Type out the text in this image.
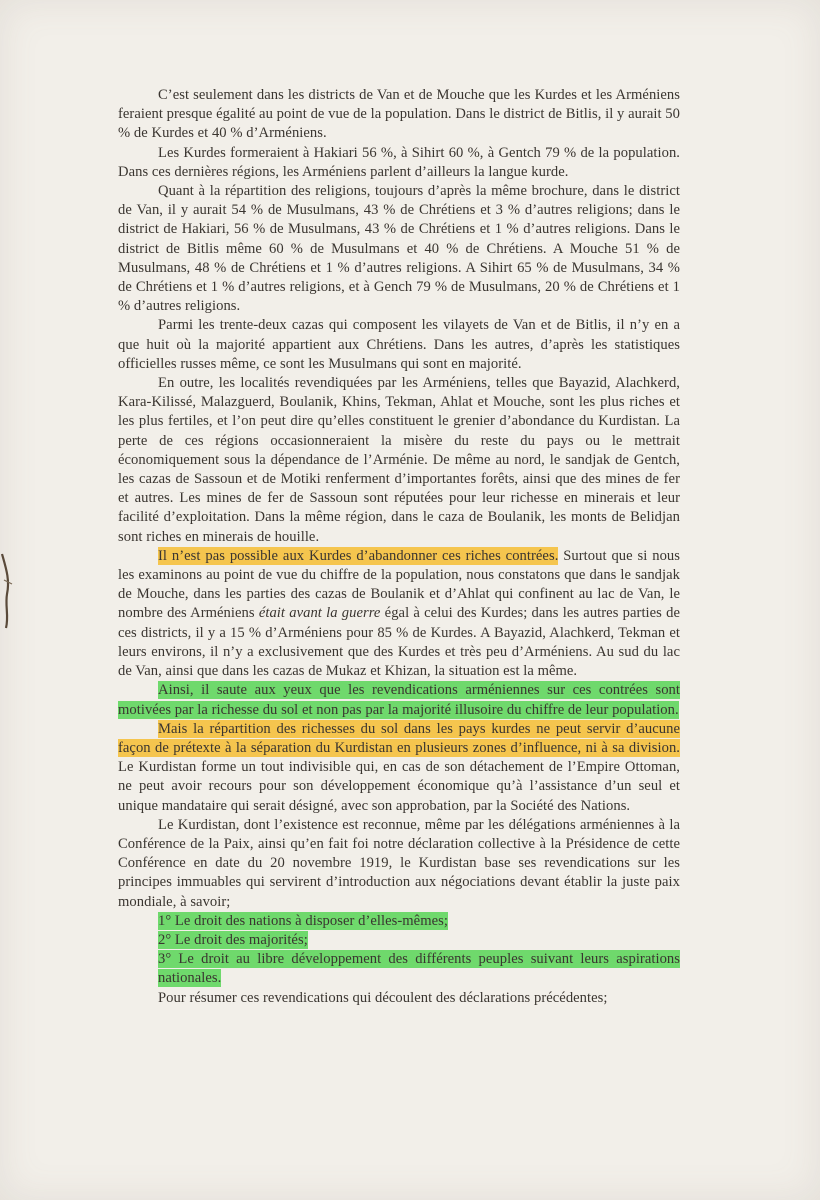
C’est seulement dans les districts de Van et de Mouche que les Kurdes et les Arméniens feraient presque égalité au point de vue de la population. Dans le district de Bitlis, il y aurait 50 % de Kurdes et 40 % d’Arméniens.

Les Kurdes formeraient à Hakiari 56 %, à Sihirt 60 %, à Gentch 79 % de la population. Dans ces dernières régions, les Arméniens parlent d’ailleurs la langue kurde.

Quant à la répartition des religions, toujours d’après la même brochure, dans le district de Van, il y aurait 54 % de Musulmans, 43 % de Chrétiens et 3 % d’autres religions; dans le district de Hakiari, 56 % de Musulmans, 43 % de Chrétiens et 1 % d’autres religions. Dans le district de Bitlis même 60 % de Musulmans et 40 % de Chrétiens. A Mouche 51 % de Musulmans, 48 % de Chrétiens et 1 % d’autres religions. A Sihirt 65 % de Musulmans, 34 % de Chrétiens et 1 % d’autres religions, et à Gench 79 % de Musulmans, 20 % de Chrétiens et 1 % d’autres religions.

Parmi les trente-deux cazas qui composent les vilayets de Van et de Bitlis, il n’y en a que huit où la majorité appartient aux Chrétiens. Dans les autres, d’après les statistiques officielles russes même, ce sont les Musulmans qui sont en majorité.

En outre, les localités revendiquées par les Arméniens, telles que Bayazid, Alachkerd, Kara-Kilissé, Malazguerd, Boulanik, Khins, Tekman, Ahlat et Mouche, sont les plus riches et les plus fertiles, et l’on peut dire qu’elles constituent le grenier d’abondance du Kurdistan. La perte de ces régions occasionneraient la misère du reste du pays ou le mettrait économiquement sous la dépendance de l’Arménie. De même au nord, le sandjak de Gentch, les cazas de Sassoun et de Motiki renferment d’importantes forêts, ainsi que des mines de fer et autres. Les mines de fer de Sassoun sont réputées pour leur richesse en minerais et leur facilité d’exploitation. Dans la même région, dans le caza de Boulanik, les monts de Belidjan sont riches en minerais de houille.

Il n’est pas possible aux Kurdes d’abandonner ces riches contrées. Surtout que si nous les examinons au point de vue du chiffre de la population, nous constatons que dans le sandjak de Mouche, dans les parties des cazas de Boulanik et d’Ahlat qui confinent au lac de Van, le nombre des Arméniens était avant la guerre égal à celui des Kurdes; dans les autres parties de ces districts, il y a 15 % d’Arméniens pour 85 % de Kurdes. A Bayazid, Alachkerd, Tekman et leurs environs, il n’y a exclusivement que des Kurdes et très peu d’Arméniens. Au sud du lac de Van, ainsi que dans les cazas de Mukaz et Khizan, la situation est la même.

Ainsi, il saute aux yeux que les revendications arméniennes sur ces contrées sont motivées par la richesse du sol et non pas par la majorité illusoire du chiffre de leur population.

Mais la répartition des richesses du sol dans les pays kurdes ne peut servir d’aucune façon de prétexte à la séparation du Kurdistan en plusieurs zones d’influence, ni à sa division. Le Kurdistan forme un tout indivisible qui, en cas de son détachement de l’Empire Ottoman, ne peut avoir recours pour son développement économique qu’à l’assistance d’un seul et unique mandataire qui serait désigné, avec son approbation, par la Société des Nations.

Le Kurdistan, dont l’existence est reconnue, même par les délégations arméniennes à la Conférence de la Paix, ainsi qu’en fait foi notre déclaration collective à la Présidence de cette Conférence en date du 20 novembre 1919, le Kurdistan base ses revendications sur les principes immuables qui servirent d’introduction aux négociations devant établir la juste paix mondiale, à savoir;

1° Le droit des nations à disposer d’elles-mêmes;

2° Le droit des majorités;

3° Le droit au libre développement des différents peuples suivant leurs aspirations nationales.

Pour résumer ces revendications qui découlent des déclarations précédentes;
